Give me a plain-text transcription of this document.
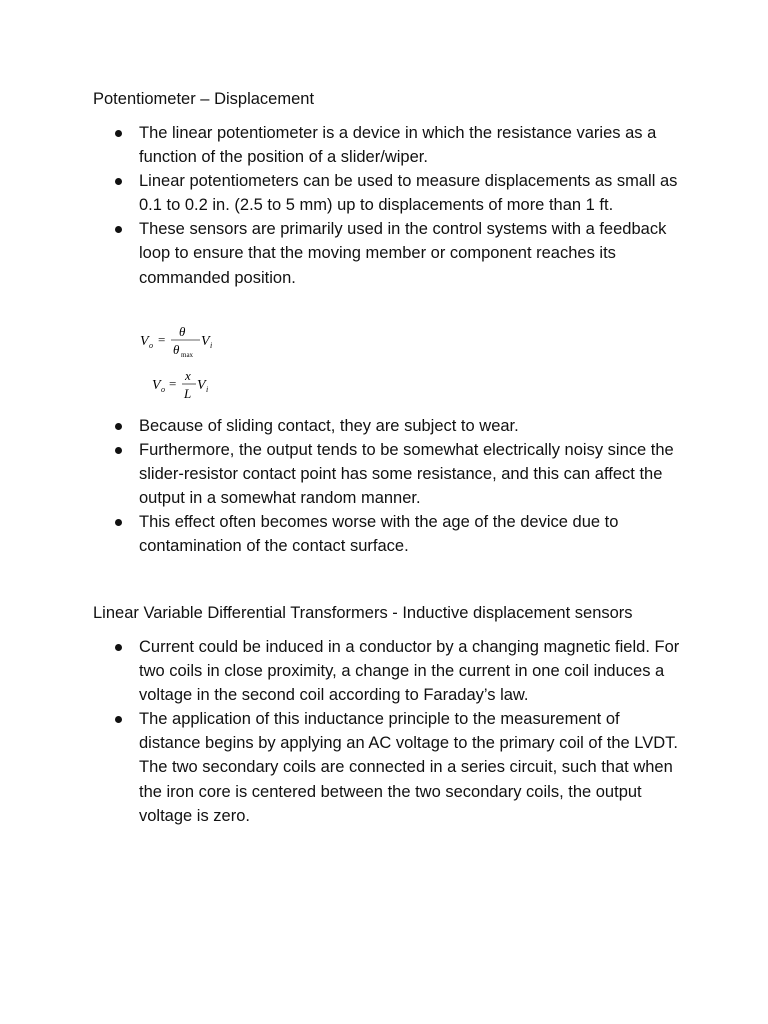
Potentiometer – Displacement
The linear potentiometer is a device in which the resistance varies as a function of the position of a slider/wiper.
Linear potentiometers can be used to measure displacements as small as 0.1 to 0.2 in. (2.5 to 5 mm) up to displacements of more than 1 ft.
These sensors are primarily used in the control systems with a feedback loop to ensure that the moving member or component reaches its commanded position.
V o =
θ
θ max
V i
V o =
x
L
V i
Because of sliding contact, they are subject to wear.
Furthermore, the output tends to be somewhat electrically noisy since the slider-resistor contact point has some resistance, and this can affect the output in a somewhat random manner.
This effect often becomes worse with the age of the device due to contamination of the contact surface.
Linear Variable Differential Transformers - Inductive displacement sensors
Current could be induced in a conductor by a changing magnetic field. For two coils in close proximity, a change in the current in one coil induces a voltage in the second coil according to Faraday’s law.
The application of this inductance principle to the measurement of distance begins by applying an AC voltage to the primary coil of the LVDT. The two secondary coils are connected in a series circuit, such that when the iron core is centered between the two secondary coils, the output voltage is zero.
